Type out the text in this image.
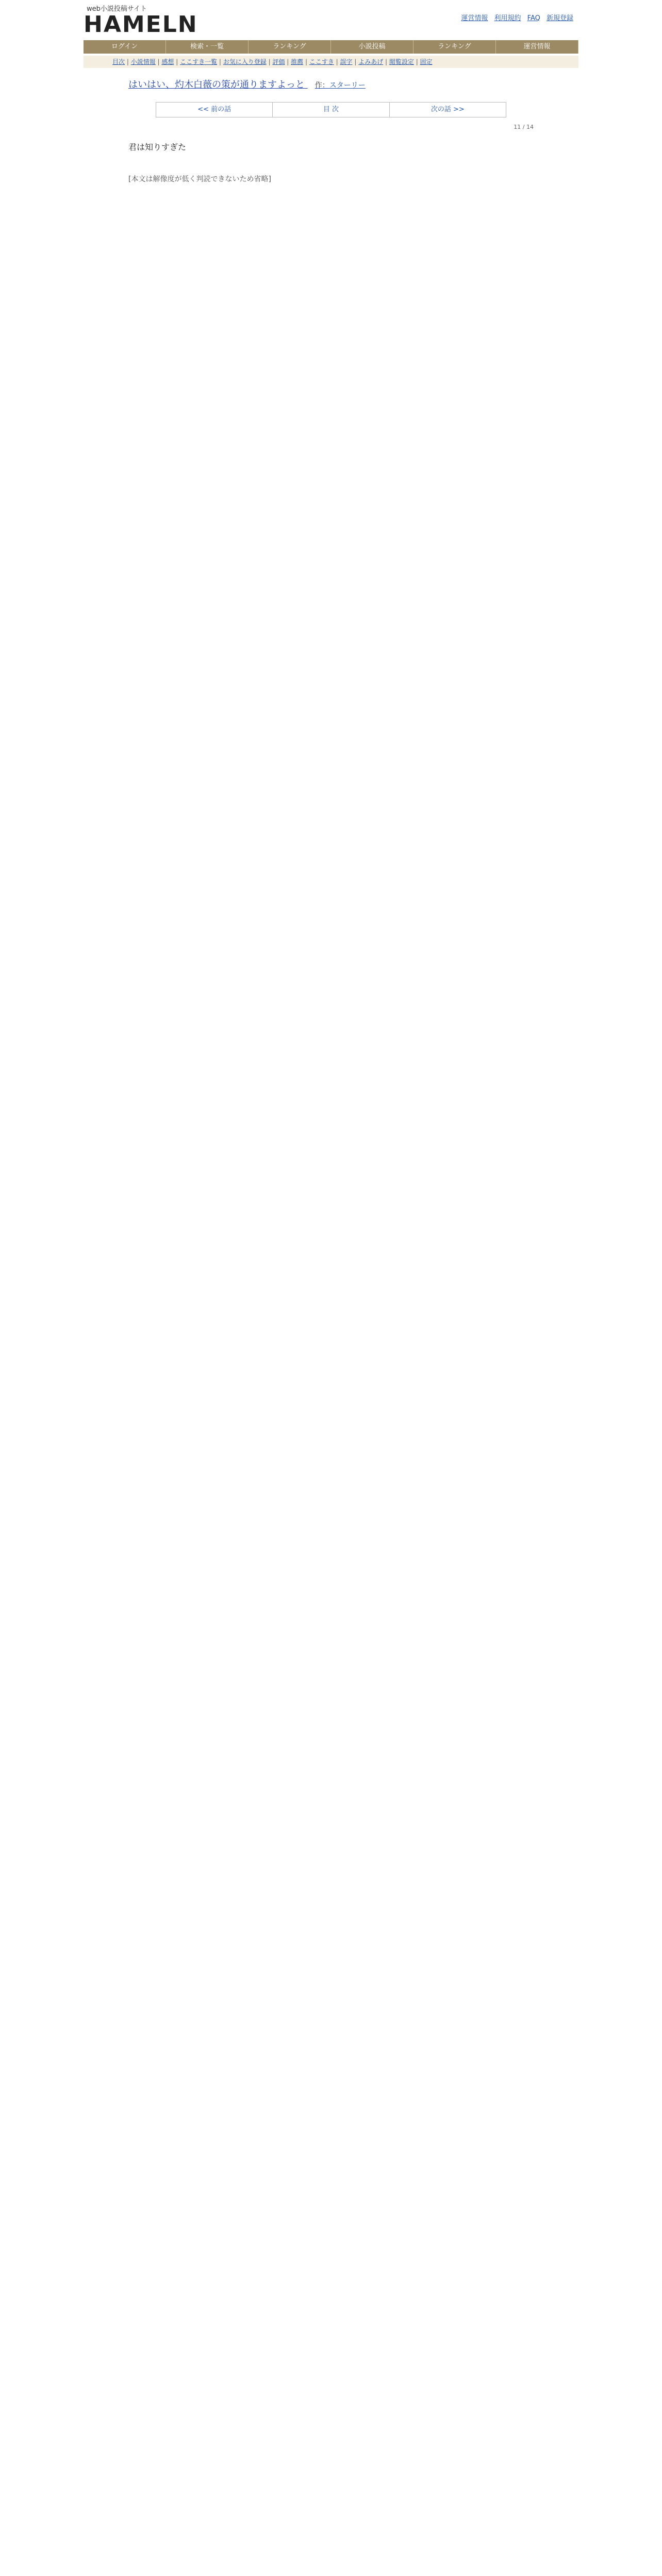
web小説投稿サイト
HAMELN	運営情報 利用規約 FAQ 新規登録
ログイン	検索・一覧	ランキング	小説投稿	ランキング	運営情報
目次 | 小説情報 | 感想 | ここすき一覧 | お気に入り登録 | 評価 | 推薦 | ここすき | 誤字 | よみあげ | 閲覧設定 | 固定
はいはい、灼木白薇の策が通りますよっと 作：スターリー
<< 前の話	目 次	次の話 >>
11 / 14
君は知りすぎた

[本文は解像度が低く判読できないため省略]
